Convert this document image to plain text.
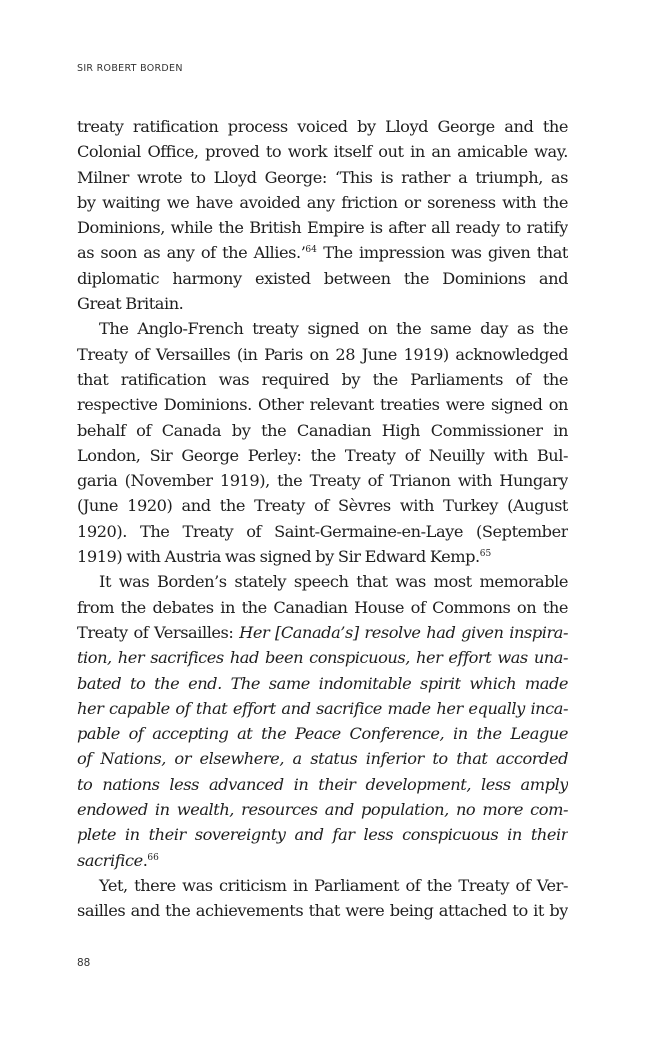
SIR ROBERT BORDEN
treaty ratification process voiced by Lloyd George and the
Colonial Office, proved to work itself out in an amicable way.
Milner wrote to Lloyd George: ‘This is rather a triumph, as
by waiting we have avoided any friction or soreness with the
Dominions, while the British Empire is after all ready to ratify
as soon as any of the Allies.’$^{64}$ The impression was given that
diplomatic harmony existed between the Dominions and
Great Britain.
The Anglo-French treaty signed on the same day as the
Treaty of Versailles (in Paris on 28 June 1919) acknowledged
that ratification was required by the Parliaments of the
respective Dominions. Other relevant treaties were signed on
behalf of Canada by the Canadian High Commissioner in
London, Sir George Perley: the Treaty of Neuilly with Bul-
garia (November 1919), the Treaty of Trianon with Hungary
(June 1920) and the Treaty of Sèvres with Turkey (August
1920). The Treaty of Saint-Germaine-en-Laye (September
1919) with Austria was signed by Sir Edward Kemp.$^{65}$
It was Borden’s stately speech that was most memorable
from the debates in the Canadian House of Commons on the
Treaty of Versailles: Her [Canada’s] resolve had given inspira-
tion, her sacrifices had been conspicuous, her effort was una-
bated to the end. The same indomitable spirit which made
her capable of that effort and sacrifice made her equally inca-
pable of accepting at the Peace Conference, in the League
of Nations, or elsewhere, a status inferior to that accorded
to nations less advanced in their development, less amply
endowed in wealth, resources and population, no more com-
plete in their sovereignty and far less conspicuous in their
sacrifice.$^{66}$
Yet, there was criticism in Parliament of the Treaty of Ver-
sailles and the achievements that were being attached to it by
88
